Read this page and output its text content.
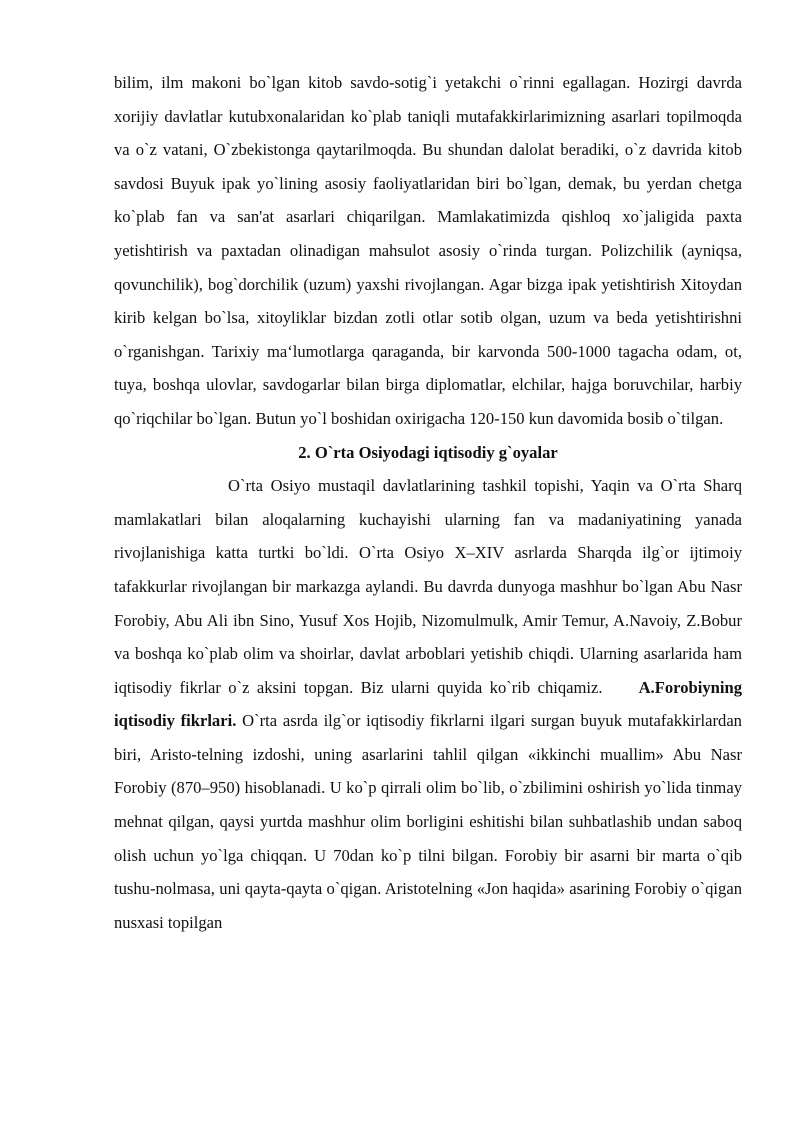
bilim, ilm makoni bo`lgan kitob savdo-sotig`i yetakchi o`rinni egallagan. Hozirgi davrda xorijiy davlatlar kutubxonalaridan ko`plab taniqli mutafakkirlarimizning asarlari topilmoqda va o`z vatani, O`zbekistonga qaytarilmoqda. Bu shundan dalolat beradiki, o`z davrida kitob savdosi Buyuk ipak yo`lining asosiy faoliyatlaridan biri bo`lgan, demak, bu yerdan chetga ko`plab fan va san'at asarlari chiqarilgan. Mamlakatimizda qishloq xo`jaligida paxta yetishtirish va paxtadan olinadigan mahsulot asosiy o`rinda turgan. Polizchilik (ayniqsa, qovunchilik), bog`dorchilik (uzum) yaxshi rivojlangan. Agar bizga ipak yetishtirish Xitoydan kirib kelgan bo`lsa, xitoyliklar bizdan zotli otlar sotib olgan, uzum va beda yetishtirishni o`rganishgan. Tarixiy ma‘lumotlarga qaraganda, bir karvonda 500-1000 tagacha odam, ot, tuya, boshqa ulovlar, savdogarlar bilan birga diplomatlar, elchilar, hajga boruvchilar, harbiy qo`riqchilar bo`lgan. Butun yo`l boshidan oxirigacha 120-150 kun davomida bosib o`tilgan.

2. O`rta Osiyodagi iqtisodiy g`oyalar

O`rta Osiyo mustaqil davlatlarining tashkil topishi, Yaqin va O`rta Sharq mamlakatlari bilan aloqalarning kuchayishi ularning fan va madaniyatining yanada rivojlanishiga katta turtki bo`ldi. O`rta Osiyo X–XIV asrlarda Sharqda ilg`or ijtimoiy tafakkurlar rivojlangan bir markazga aylandi. Bu davrda dunyoga mashhur bo`lgan Abu Nasr Forobiy, Abu Ali ibn Sino, Yusuf Xos Hojib, Nizomulmulk, Amir Temur, A.Navoiy, Z.Bobur va boshqa ko`plab olim va shoirlar, davlat arboblari yetishib chiqdi. Ularning asarlarida ham iqtisodiy fikrlar o`z aksini topgan. Biz ularni quyida ko`rib chiqamiz. A.Forobiyning iqtisodiy fikrlari. O`rta asrda ilg`or iqtisodiy fikrlarni ilgari surgan buyuk mutafakkirlardan biri, Aristo-telning izdoshi, uning asarlarini tahlil qilgan «ikkinchi muallim» Abu Nasr Forobiy (870–950) hisoblanadi. U ko`p qirrali olim bo`lib, o`zbilimini oshirish yo`lida tinmay mehnat qilgan, qaysi yurtda mashhur olim borligini eshitishi bilan suhbatlashib undan saboq olish uchun yo`lga chiqqan. U 70dan ko`p tilni bilgan. Forobiy bir asarni bir marta o`qib tushu-nolmasa, uni qayta-qayta o`qigan. Aristotelning «Jon haqida» asarining Forobiy o`qigan nusxasi topilgan
